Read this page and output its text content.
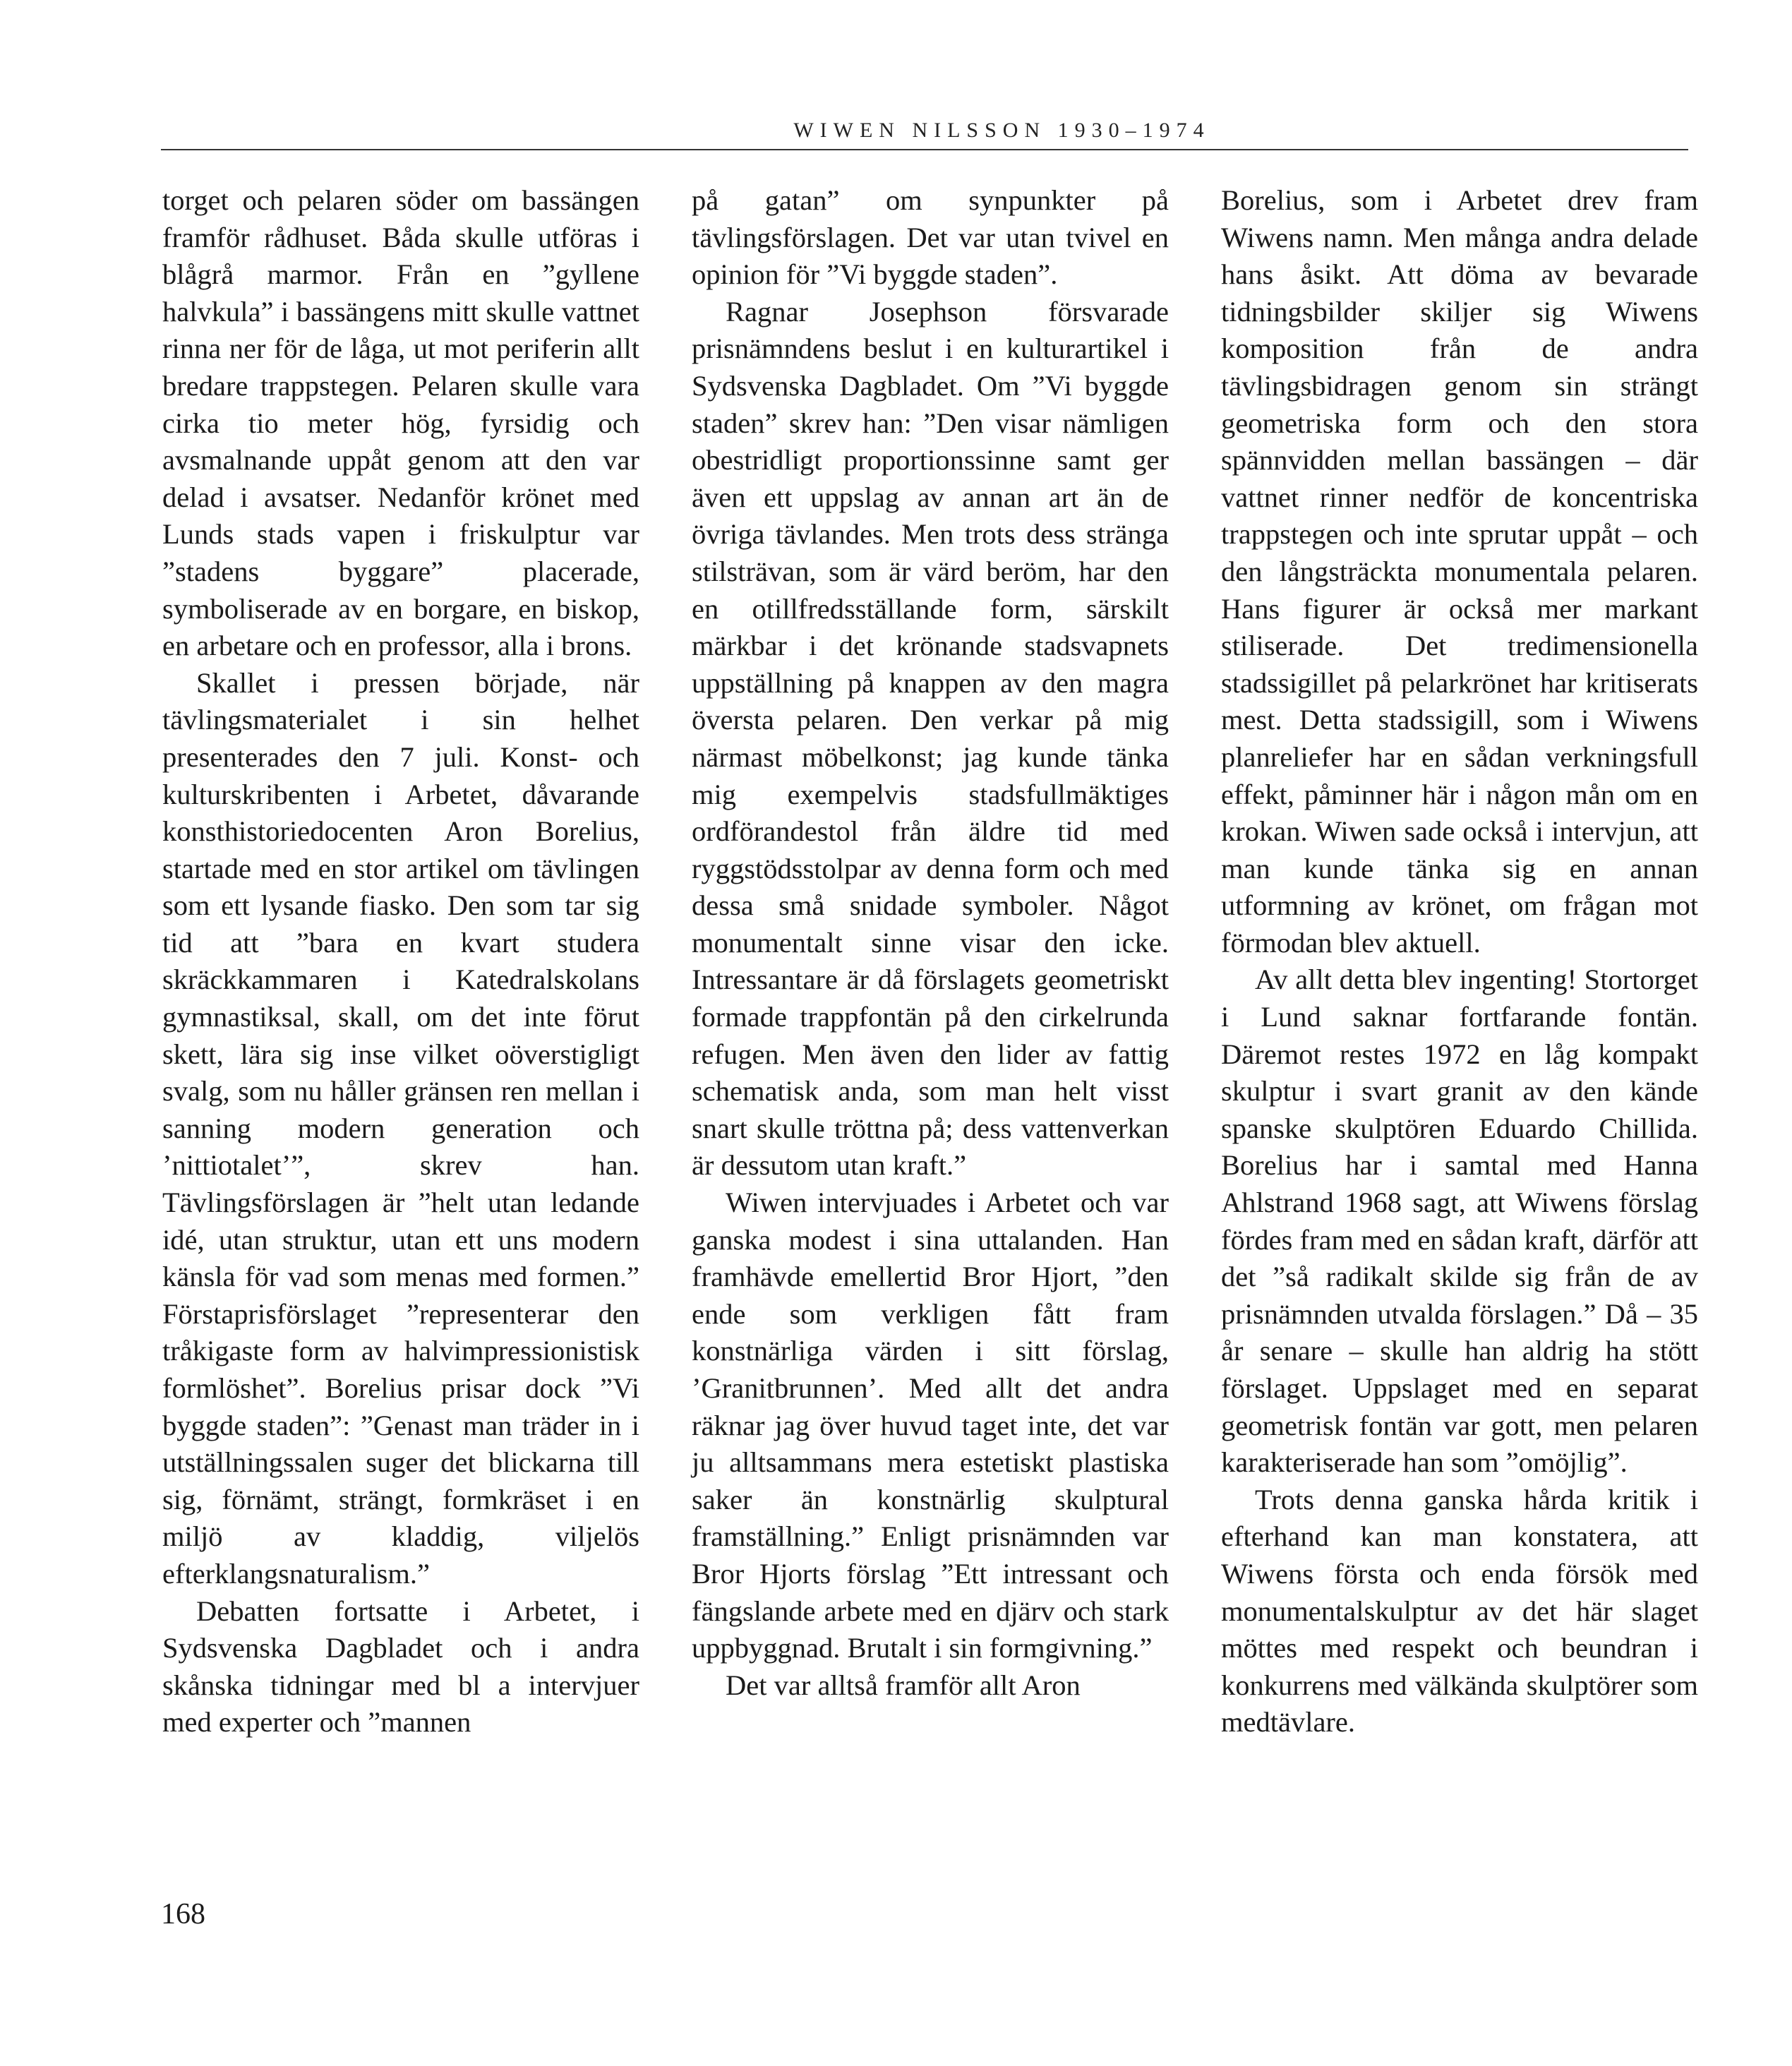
WIWEN NILSSON 1930–1974

torget och pelaren söder om bassängen framför rådhuset. Båda skulle utföras i blågrå marmor. Från en ”gyllene halvkula” i bassängens mitt skulle vattnet rinna ner för de låga, ut mot periferin allt bredare trappstegen. Pelaren skulle vara cirka tio meter hög, fyrsidig och avsmalnande uppåt genom att den var delad i avsatser. Nedanför krönet med Lunds stads vapen i friskulptur var ”stadens byggare” placerade, symboliserade av en borgare, en biskop, en arbetare och en professor, alla i brons.

Skallet i pressen började, när tävlingsmaterialet i sin helhet presenterades den 7 juli. Konst- och kulturskribenten i Arbetet, dåvarande konsthistoriedocenten Aron Borelius, startade med en stor artikel om tävlingen som ett lysande fiasko. Den som tar sig tid att ”bara en kvart studera skräckkammaren i Katedralskolans gymnastiksal, skall, om det inte förut skett, lära sig inse vilket oöverstigligt svalg, som nu håller gränsen ren mellan i sanning modern generation och ’nittiotalet’”, skrev han. Tävlingsförslagen är ”helt utan ledande idé, utan struktur, utan ett uns modern känsla för vad som menas med formen.” Förstaprisförslaget ”representerar den tråkigaste form av halvimpressionistisk formlöshet”. Borelius prisar dock ”Vi byggde staden”: ”Genast man träder in i utställningssalen suger det blickarna till sig, förnämt, strängt, formkräset i en miljö av kladdig, viljelös efterklangsnaturalism.”

Debatten fortsatte i Arbetet, i Sydsvenska Dagbladet och i andra skånska tidningar med bl a intervjuer med experter och ”mannen

på gatan” om synpunkter på tävlingsförslagen. Det var utan tvivel en opinion för ”Vi byggde staden”.

Ragnar Josephson försvarade prisnämndens beslut i en kulturartikel i Sydsvenska Dagbladet. Om ”Vi byggde staden” skrev han: ”Den visar nämligen obestridligt proportionssinne samt ger även ett uppslag av annan art än de övriga tävlandes. Men trots dess stränga stilsträvan, som är värd beröm, har den en otillfredsställande form, särskilt märkbar i det krönande stadsvapnets uppställning på knappen av den magra översta pelaren. Den verkar på mig närmast möbelkonst; jag kunde tänka mig exempelvis stadsfullmäktiges ordförandestol från äldre tid med ryggstödsstolpar av denna form och med dessa små snidade symboler. Något monumentalt sinne visar den icke. Intressantare är då förslagets geometriskt formade trappfontän på den cirkelrunda refugen. Men även den lider av fattig schematisk anda, som man helt visst snart skulle tröttna på; dess vattenverkan är dessutom utan kraft.”

Wiwen intervjuades i Arbetet och var ganska modest i sina uttalanden. Han framhävde emellertid Bror Hjort, ”den ende som verkligen fått fram konstnärliga värden i sitt förslag, ’Granitbrunnen’. Med allt det andra räknar jag över huvud taget inte, det var ju alltsammans mera estetiskt plastiska saker än konstnärlig skulptural framställning.” Enligt prisnämnden var Bror Hjorts förslag ”Ett intressant och fängslande arbete med en djärv och stark uppbyggnad. Brutalt i sin formgivning.”

Det var alltså framför allt Aron

Borelius, som i Arbetet drev fram Wiwens namn. Men många andra delade hans åsikt. Att döma av bevarade tidningsbilder skiljer sig Wiwens komposition från de andra tävlingsbidragen genom sin strängt geometriska form och den stora spännvidden mellan bassängen – där vattnet rinner nedför de koncentriska trappstegen och inte sprutar uppåt – och den långsträckta monumentala pelaren. Hans figurer är också mer markant stiliserade. Det tredimensionella stadssigillet på pelarkrönet har kritiserats mest. Detta stadssigill, som i Wiwens planreliefer har en sådan verkningsfull effekt, påminner här i någon mån om en krokan. Wiwen sade också i intervjun, att man kunde tänka sig en annan utformning av krönet, om frågan mot förmodan blev aktuell.

Av allt detta blev ingenting! Stortorget i Lund saknar fortfarande fontän. Däremot restes 1972 en låg kompakt skulptur i svart granit av den kände spanske skulptören Eduardo Chillida. Borelius har i samtal med Hanna Ahlstrand 1968 sagt, att Wiwens förslag fördes fram med en sådan kraft, därför att det ”så radikalt skilde sig från de av prisnämnden utvalda förslagen.” Då – 35 år senare – skulle han aldrig ha stött förslaget. Uppslaget med en separat geometrisk fontän var gott, men pelaren karakteriserade han som ”omöjlig”.

Trots denna ganska hårda kritik i efterhand kan man konstatera, att Wiwens första och enda försök med monumentalskulptur av det här slaget möttes med respekt och beundran i konkurrens med välkända skulptörer som medtävlare.

168
